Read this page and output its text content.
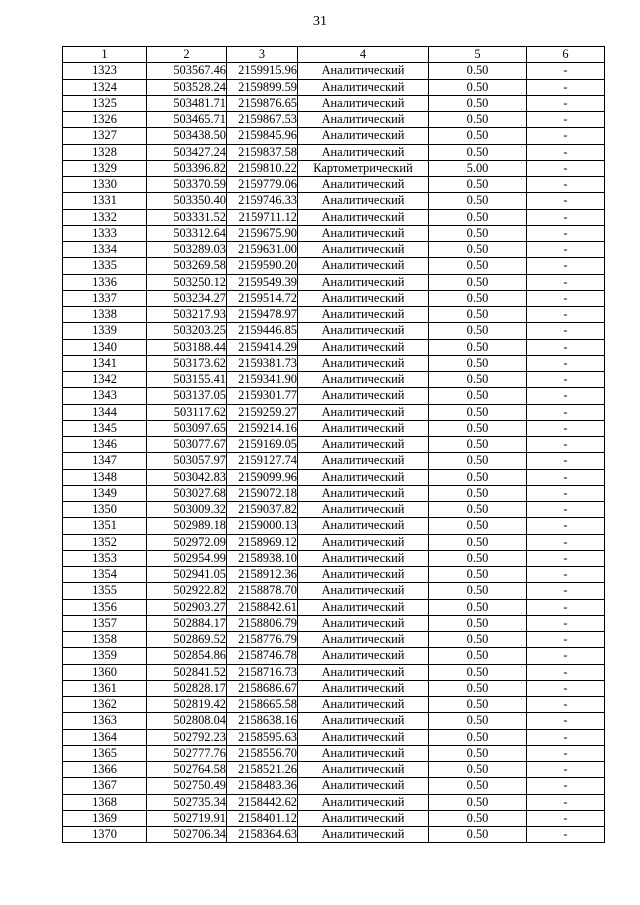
31
1	2	3	4	5	6
1323	503567.46	2159915.96	Аналитический	0.50	-
1324	503528.24	2159899.59	Аналитический	0.50	-
1325	503481.71	2159876.65	Аналитический	0.50	-
1326	503465.71	2159867.53	Аналитический	0.50	-
1327	503438.50	2159845.96	Аналитический	0.50	-
1328	503427.24	2159837.58	Аналитический	0.50	-
1329	503396.82	2159810.22	Картометрический	5.00	-
1330	503370.59	2159779.06	Аналитический	0.50	-
1331	503350.40	2159746.33	Аналитический	0.50	-
1332	503331.52	2159711.12	Аналитический	0.50	-
1333	503312.64	2159675.90	Аналитический	0.50	-
1334	503289.03	2159631.00	Аналитический	0.50	-
1335	503269.58	2159590.20	Аналитический	0.50	-
1336	503250.12	2159549.39	Аналитический	0.50	-
1337	503234.27	2159514.72	Аналитический	0.50	-
1338	503217.93	2159478.97	Аналитический	0.50	-
1339	503203.25	2159446.85	Аналитический	0.50	-
1340	503188.44	2159414.29	Аналитический	0.50	-
1341	503173.62	2159381.73	Аналитический	0.50	-
1342	503155.41	2159341.90	Аналитический	0.50	-
1343	503137.05	2159301.77	Аналитический	0.50	-
1344	503117.62	2159259.27	Аналитический	0.50	-
1345	503097.65	2159214.16	Аналитический	0.50	-
1346	503077.67	2159169.05	Аналитический	0.50	-
1347	503057.97	2159127.74	Аналитический	0.50	-
1348	503042.83	2159099.96	Аналитический	0.50	-
1349	503027.68	2159072.18	Аналитический	0.50	-
1350	503009.32	2159037.82	Аналитический	0.50	-
1351	502989.18	2159000.13	Аналитический	0.50	-
1352	502972.09	2158969.12	Аналитический	0.50	-
1353	502954.99	2158938.10	Аналитический	0.50	-
1354	502941.05	2158912.36	Аналитический	0.50	-
1355	502922.82	2158878.70	Аналитический	0.50	-
1356	502903.27	2158842.61	Аналитический	0.50	-
1357	502884.17	2158806.79	Аналитический	0.50	-
1358	502869.52	2158776.79	Аналитический	0.50	-
1359	502854.86	2158746.78	Аналитический	0.50	-
1360	502841.52	2158716.73	Аналитический	0.50	-
1361	502828.17	2158686.67	Аналитический	0.50	-
1362	502819.42	2158665.58	Аналитический	0.50	-
1363	502808.04	2158638.16	Аналитический	0.50	-
1364	502792.23	2158595.63	Аналитический	0.50	-
1365	502777.76	2158556.70	Аналитический	0.50	-
1366	502764.58	2158521.26	Аналитический	0.50	-
1367	502750.49	2158483.36	Аналитический	0.50	-
1368	502735.34	2158442.62	Аналитический	0.50	-
1369	502719.91	2158401.12	Аналитический	0.50	-
1370	502706.34	2158364.63	Аналитический	0.50	-
